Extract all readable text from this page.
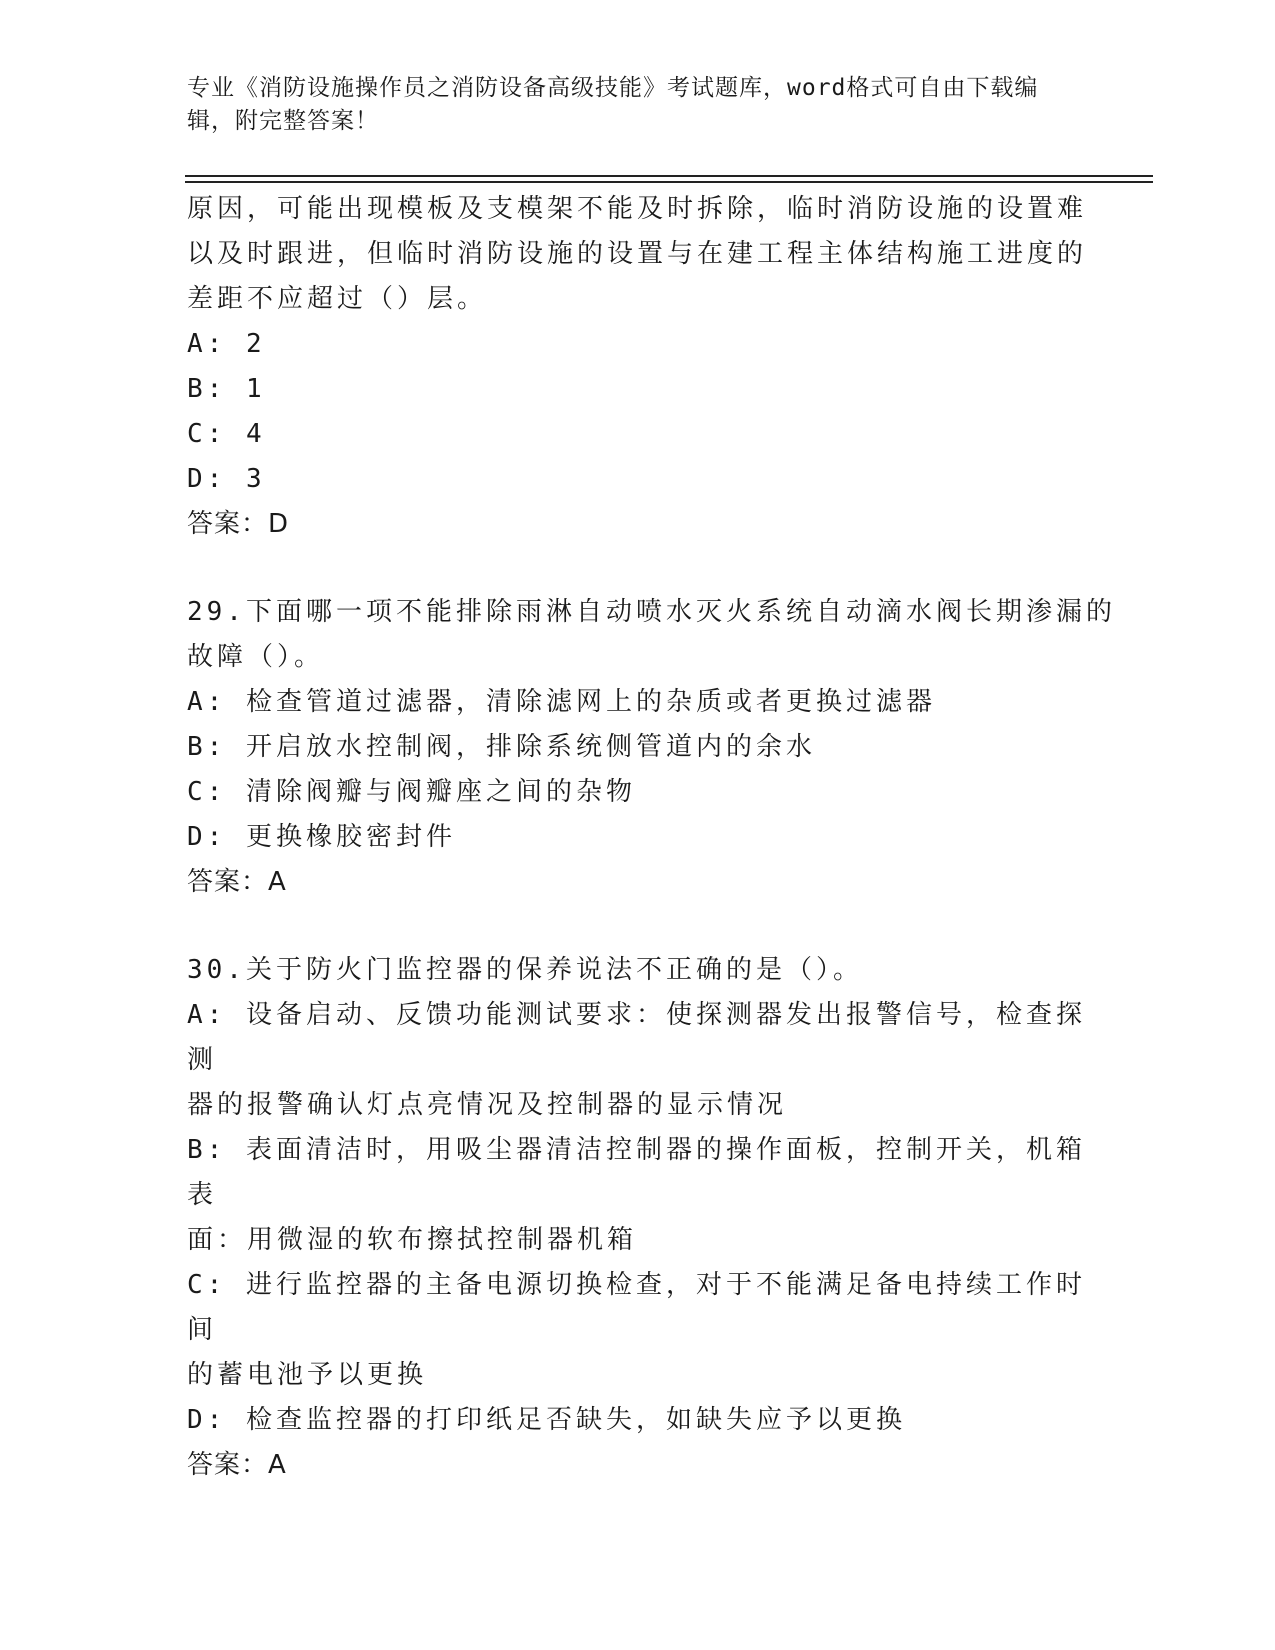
专业《消防设施操作员之消防设备高级技能》考试题库，word格式可自由下载编
辑，附完整答案！
原因，可能出现模板及支模架不能及时拆除，临时消防设施的设置难
以及时跟进，但临时消防设施的设置与在建工程主体结构施工进度的
差距不应超过（）层。
A: 2
B: 1
C: 4
D: 3
答案：D
29.下面哪一项不能排除雨淋自动喷水灭火系统自动滴水阀长期渗漏的
故障（）。
A: 检查管道过滤器，清除滤网上的杂质或者更换过滤器
B: 开启放水控制阀，排除系统侧管道内的余水
C: 清除阀瓣与阀瓣座之间的杂物
D: 更换橡胶密封件
答案：A
30.关于防火门监控器的保养说法不正确的是（）。
A: 设备启动、反馈功能测试要求：使探测器发出报警信号，检查探测
器的报警确认灯点亮情况及控制器的显示情况
B: 表面清洁时，用吸尘器清洁控制器的操作面板，控制开关，机箱表
面：用微湿的软布擦拭控制器机箱
C: 进行监控器的主备电源切换检查，对于不能满足备电持续工作时间
的蓄电池予以更换
D: 检查监控器的打印纸足否缺失，如缺失应予以更换
答案：A
